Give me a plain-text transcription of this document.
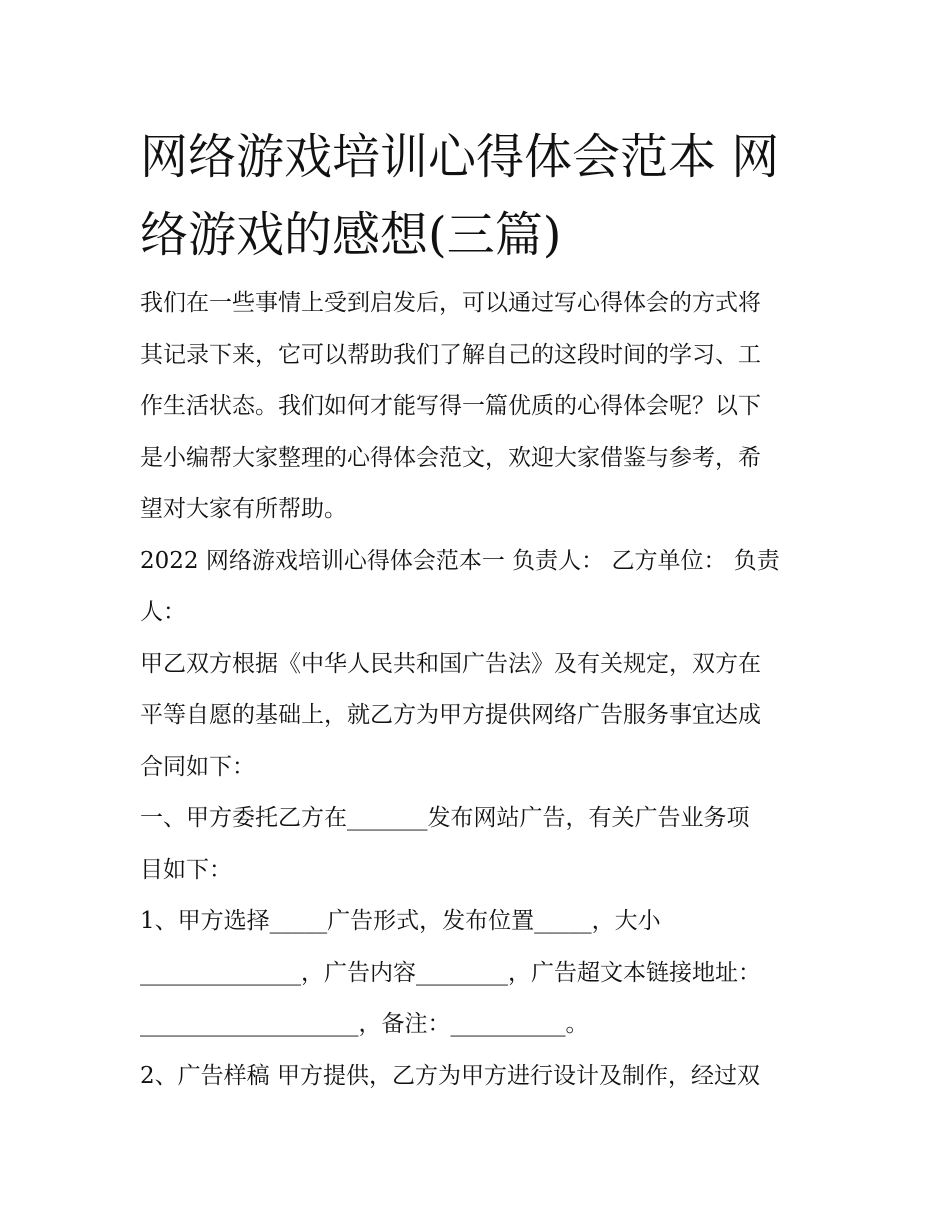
网络游戏培训心得体会范本 网
络游戏的感想(三篇)
我们在一些事情上受到启发后，可以通过写心得体会的方式将
其记录下来，它可以帮助我们了解自己的这段时间的学习、工
作生活状态。我们如何才能写得一篇优质的心得体会呢？以下
是小编帮大家整理的心得体会范文，欢迎大家借鉴与参考，希
望对大家有所帮助。
2022 网络游戏培训心得体会范本一 负责人： 乙方单位： 负责
人：
甲乙双方根据《中华人民共和国广告法》及有关规定，双方在
平等自愿的基础上，就乙方为甲方提供网络广告服务事宜达成
合同如下：
一、甲方委托乙方在_______发布网站广告，有关广告业务项
目如下：
1、甲方选择_____广告形式，发布位置_____，大小
______________，广告内容________，广告超文本链接地址：
___________________，备注：__________。
2、广告样稿 甲方提供，乙方为甲方进行设计及制作，经过双
